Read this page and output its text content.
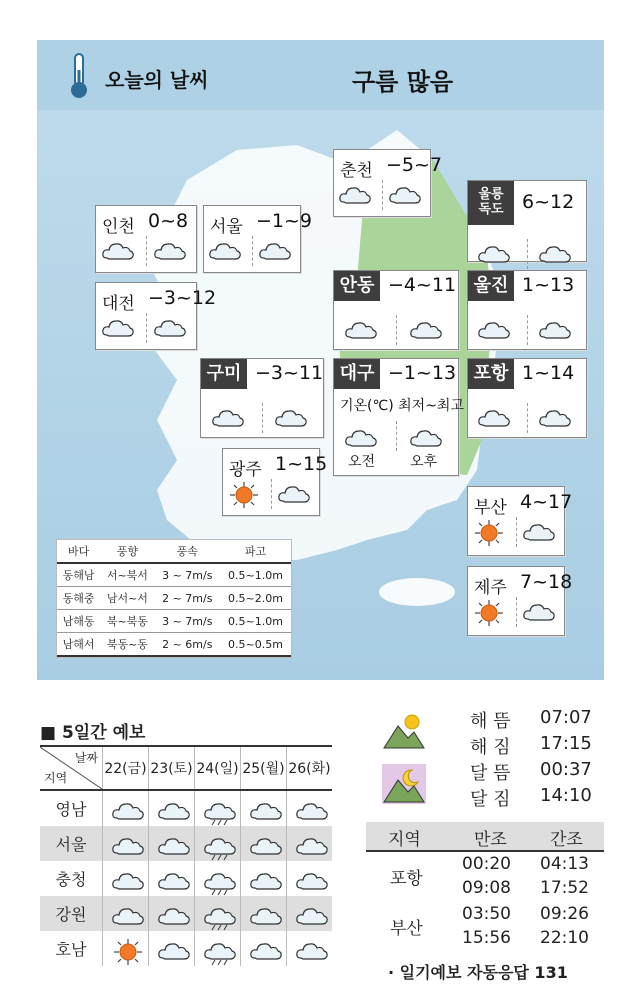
오늘의 날씨	구름 많음
춘천 −5~7
인천 0~8 서울 −1~9
대전 −3~12
울릉
독도 6~12
안동 −4~11 울진 1~13
구미 −3~11 대구 −1~13
기온(℃) 최저~최고
오전 오후
포항 1~14
광주 1~15
부산 4~17
제주 7~18
바다	풍향	풍속	파고
동해남	서~북서	3 ~ 7m/s	0.5~1.0m
동해중	남서~서	2 ~ 7m/s	0.5~2.0m
남해동	북~북동	3 ~ 7m/s	0.5~1.0m
남해서	북동~동	2 ~ 6m/s	0.5~0.5m
■ 5일간 예보
날짜
지역	22(금)	23(토)	24(일)	25(월)	26(화)
영남					
서울					
충청					
강원					
호남					
해 뜸 07:07
해 짐 17:15
달 뜸 00:37
달 짐 14:10
지역	만조	간조
포항
00:20 04:13
09:08 17:52
부산
03:50 09:26
15:56 22:10
· 일기예보 자동응답 131
